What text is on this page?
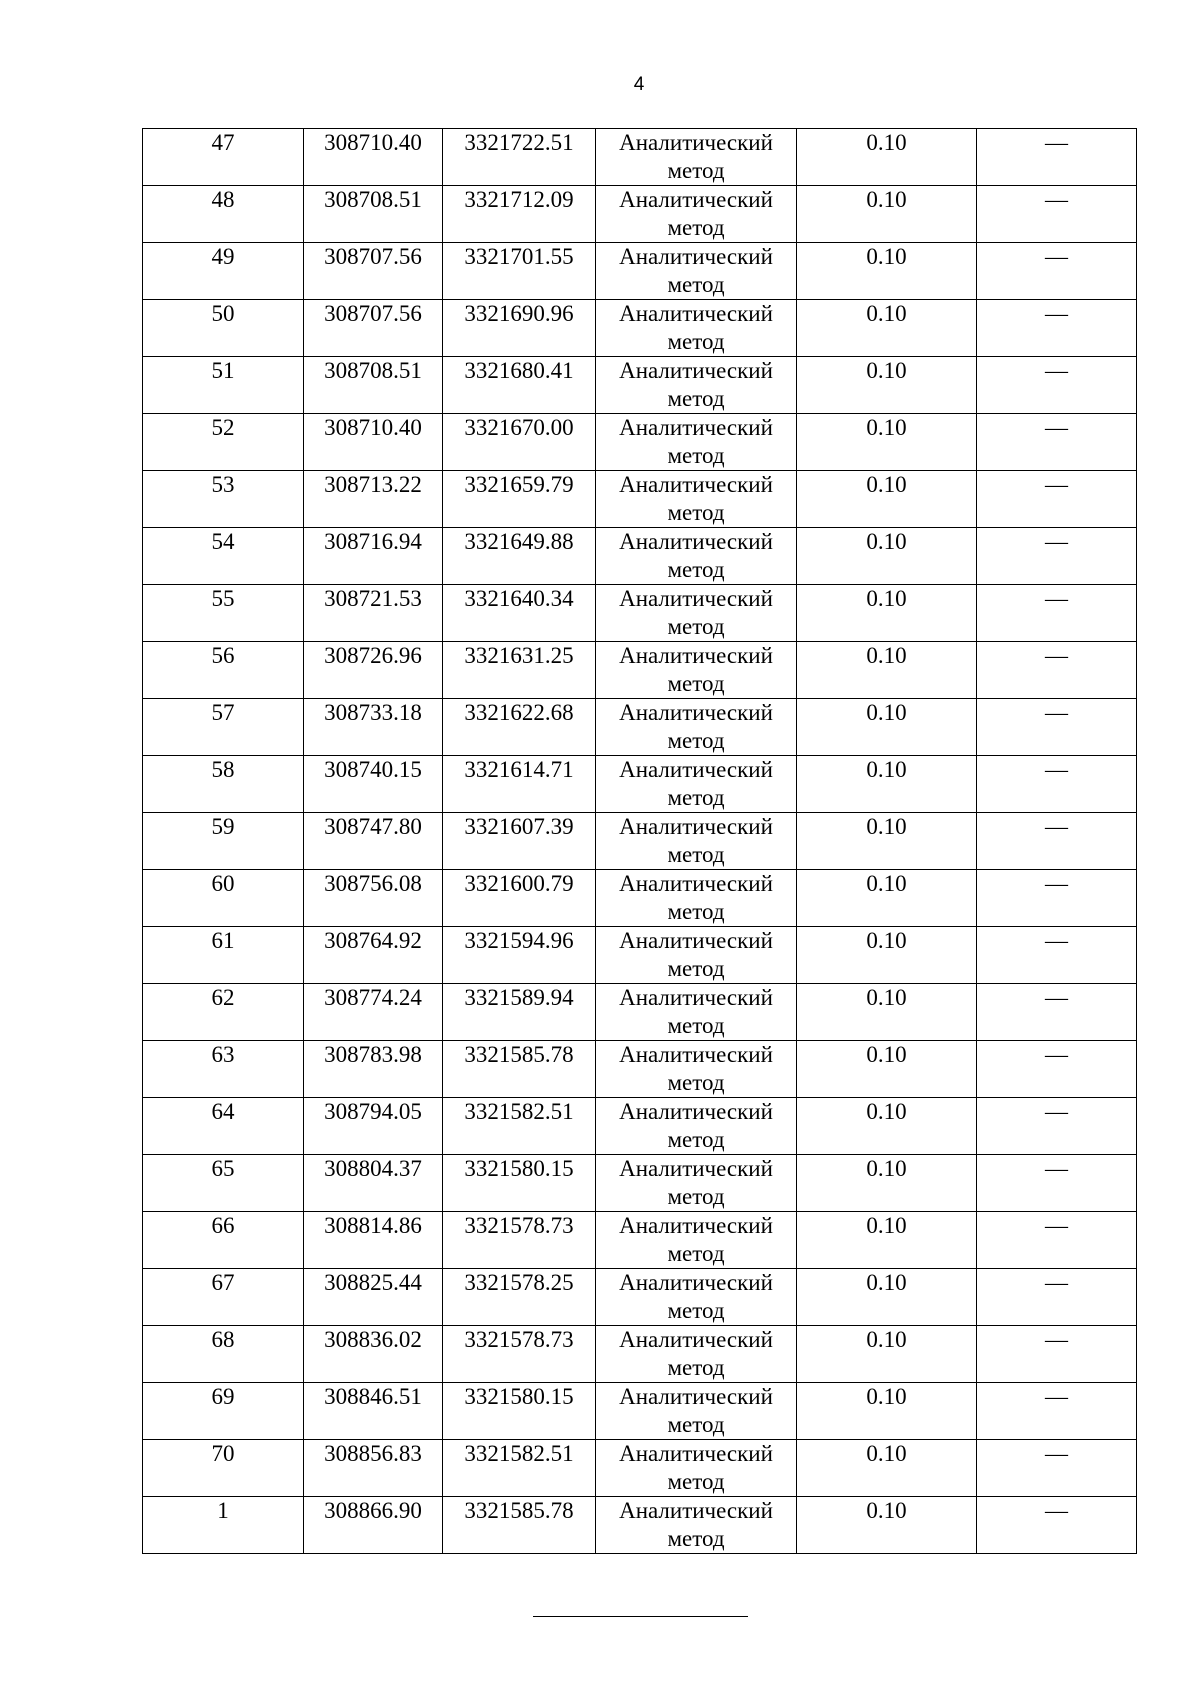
4
47	308710.40	3321722.51	Аналитический
метод	0.10	—
48	308708.51	3321712.09	Аналитический
метод	0.10	—
49	308707.56	3321701.55	Аналитический
метод	0.10	—
50	308707.56	3321690.96	Аналитический
метод	0.10	—
51	308708.51	3321680.41	Аналитический
метод	0.10	—
52	308710.40	3321670.00	Аналитический
метод	0.10	—
53	308713.22	3321659.79	Аналитический
метод	0.10	—
54	308716.94	3321649.88	Аналитический
метод	0.10	—
55	308721.53	3321640.34	Аналитический
метод	0.10	—
56	308726.96	3321631.25	Аналитический
метод	0.10	—
57	308733.18	3321622.68	Аналитический
метод	0.10	—
58	308740.15	3321614.71	Аналитический
метод	0.10	—
59	308747.80	3321607.39	Аналитический
метод	0.10	—
60	308756.08	3321600.79	Аналитический
метод	0.10	—
61	308764.92	3321594.96	Аналитический
метод	0.10	—
62	308774.24	3321589.94	Аналитический
метод	0.10	—
63	308783.98	3321585.78	Аналитический
метод	0.10	—
64	308794.05	3321582.51	Аналитический
метод	0.10	—
65	308804.37	3321580.15	Аналитический
метод	0.10	—
66	308814.86	3321578.73	Аналитический
метод	0.10	—
67	308825.44	3321578.25	Аналитический
метод	0.10	—
68	308836.02	3321578.73	Аналитический
метод	0.10	—
69	308846.51	3321580.15	Аналитический
метод	0.10	—
70	308856.83	3321582.51	Аналитический
метод	0.10	—
1	308866.90	3321585.78	Аналитический
метод	0.10	—
